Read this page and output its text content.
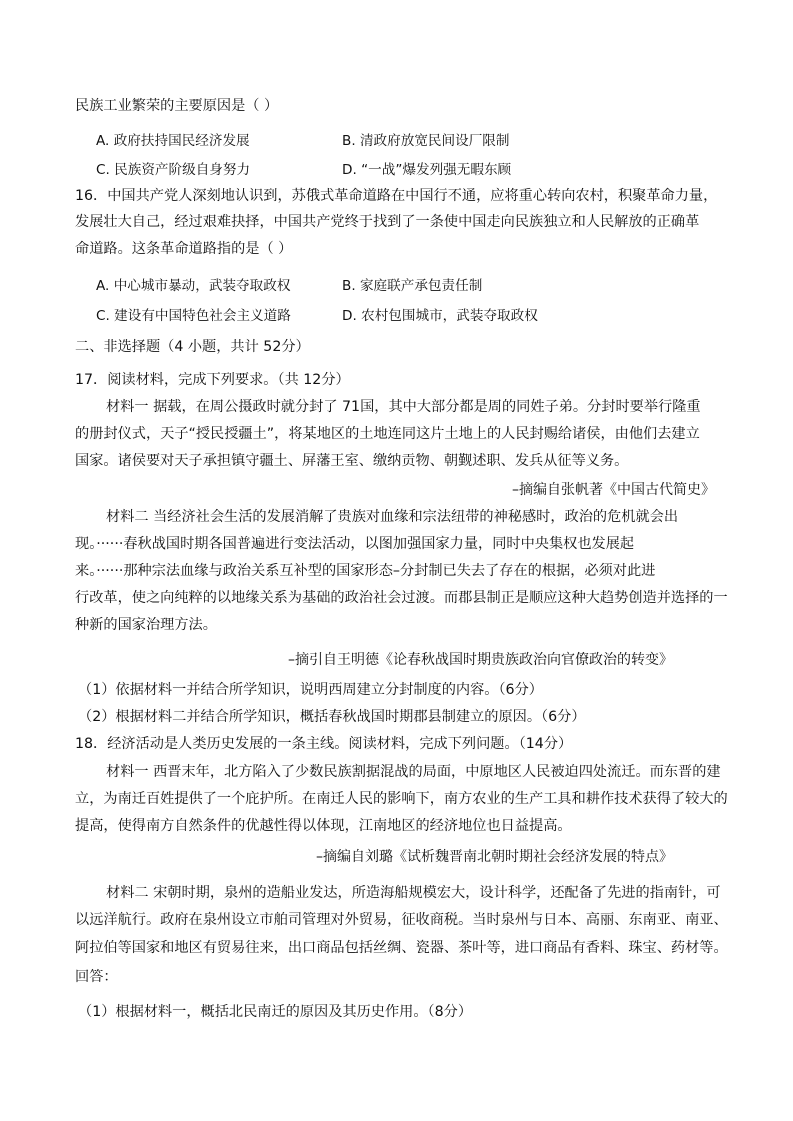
民族工业繁荣的主要原因是（ ）
A. 政府扶持国民经济发展	B. 清政府放宽民间设厂限制
C. 民族资产阶级自身努力	D. “一战”爆发列强无暇东顾
16．中国共产党人深刻地认识到，苏俄式革命道路在中国行不通，应将重心转向农村，积聚革命力量，
发展壮大自己，经过艰难抉择，中国共产党终于找到了一条使中国走向民族独立和人民解放的正确革
命道路。这条革命道路指的是（ ）
A. 中心城市暴动，武装夺取政权	B. 家庭联产承包责任制
C. 建设有中国特色社会主义道路	D. 农村包围城市，武装夺取政权
二、非选择题（4 小题，共计 52分）
17．阅读材料，完成下列要求。（共 12分）
材料一 据载，在周公摄政时就分封了 71国，其中大部分都是周的同姓子弟。分封时要举行隆重
的册封仪式，天子“授民授疆土”，将某地区的土地连同这片土地上的人民封赐给诸侯，由他们去建立
国家。诸侯要对天子承担镇守疆土、屏藩王室、缴纳贡物、朝觐述职、发兵从征等义务。
–摘编自张帆著《中国古代简史》
材料二 当经济社会生活的发展消解了贵族对血缘和宗法纽带的神秘感时，政治的危机就会出
现。······春秋战国时期各国普遍进行变法活动，以图加强国家力量，同时中央集权也发展起
来。······那种宗法血缘与政治关系互补型的国家形态–分封制已失去了存在的根据，必须对此进
行改革，使之向纯粹的以地缘关系为基础的政治社会过渡。而郡县制正是顺应这种大趋势创造并选择的一
种新的国家治理方法。
–摘引自王明德《论春秋战国时期贵族政治向官僚政治的转变》
（1）依据材料一并结合所学知识，说明西周建立分封制度的内容。（6分）
（2）根据材料二并结合所学知识，概括春秋战国时期郡县制建立的原因。（6分）
18．经济活动是人类历史发展的一条主线。阅读材料，完成下列问题。（14分）
材料一 西晋末年，北方陷入了少数民族割据混战的局面，中原地区人民被迫四处流迁。而东晋的建
立，为南迁百姓提供了一个庇护所。在南迁人民的影响下，南方农业的生产工具和耕作技术获得了较大的
提高，使得南方自然条件的优越性得以体现，江南地区的经济地位也日益提高。
–摘编自刘璐《试析魏晋南北朝时期社会经济发展的特点》
材料二 宋朝时期，泉州的造船业发达，所造海船规模宏大，设计科学，还配备了先进的指南针，可
以远洋航行。政府在泉州设立市舶司管理对外贸易，征收商税。当时泉州与日本、高丽、东南亚、南亚、
阿拉伯等国家和地区有贸易往来，出口商品包括丝绸、瓷器、茶叶等，进口商品有香料、珠宝、药材等。
回答：
（1）根据材料一，概括北民南迁的原因及其历史作用。（8分）
